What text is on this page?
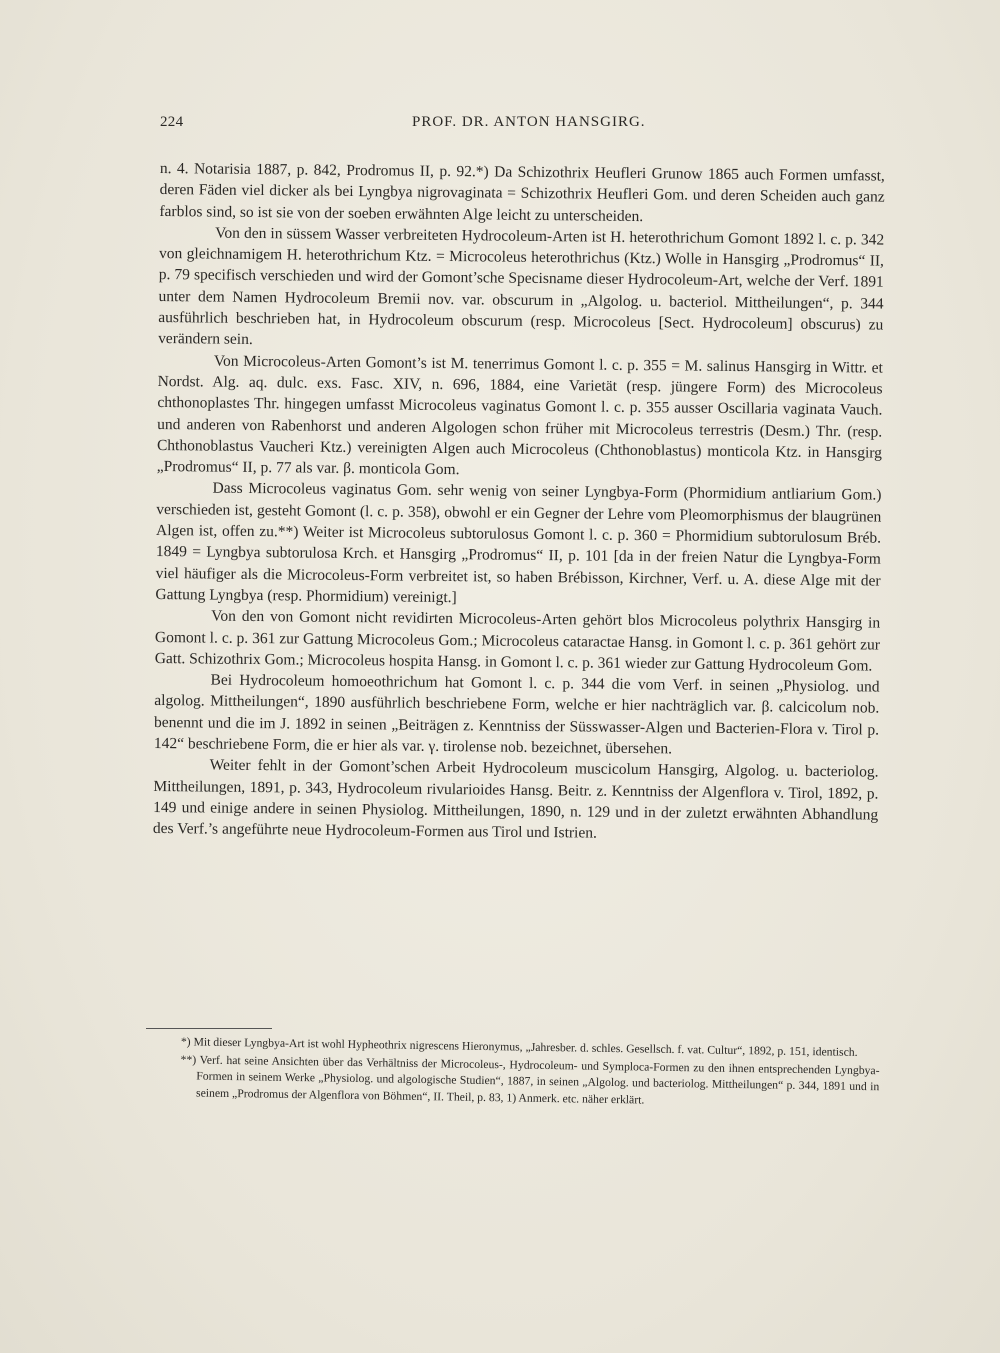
224	PROF. DR. ANTON HANSGIRG.

n. 4. Notarisia 1887, p. 842, Prodromus II, p. 92.*) Da Schizothrix Heufleri Grunow 1865 auch Formen umfasst, deren Fäden viel dicker als bei Lyngbya nigrovaginata = Schizothrix Heufleri Gom. und deren Scheiden auch ganz farblos sind, so ist sie von der soeben erwähnten Alge leicht zu unterscheiden.

Von den in süssem Wasser verbreiteten Hydrocoleum-Arten ist H. heterothrichum Gomont 1892 l. c. p. 342 von gleichnamigem H. heterothrichum Ktz. = Microcoleus heterothrichus (Ktz.) Wolle in Hansgirg „Prodromus“ II, p. 79 specifisch verschieden und wird der Gomont’sche Specisname dieser Hydrocoleum-Art, welche der Verf. 1891 unter dem Namen Hydrocoleum Bremii nov. var. obscurum in „Algolog. u. bacteriol. Mittheilungen“, p. 344 ausführlich beschrieben hat, in Hydrocoleum obscurum (resp. Microcoleus [Sect. Hydrocoleum] obscurus) zu verändern sein.

Von Microcoleus-Arten Gomont’s ist M. tenerrimus Gomont l. c. p. 355 = M. salinus Hansgirg in Wittr. et Nordst. Alg. aq. dulc. exs. Fasc. XIV, n. 696, 1884, eine Varietät (resp. jüngere Form) des Microcoleus chthonoplastes Thr. hingegen umfasst Microcoleus vaginatus Gomont l. c. p. 355 ausser Oscillaria vaginata Vauch. und anderen von Rabenhorst und anderen Algologen schon früher mit Microcoleus terrestris (Desm.) Thr. (resp. Chthonoblastus Vaucheri Ktz.) vereinigten Algen auch Microcoleus (Chthonoblastus) monticola Ktz. in Hansgirg „Prodromus“ II, p. 77 als var. β. monticola Gom.

Dass Microcoleus vaginatus Gom. sehr wenig von seiner Lyngbya-Form (Phormidium antliarium Gom.) verschieden ist, gesteht Gomont (l. c. p. 358), obwohl er ein Gegner der Lehre vom Pleomorphismus der blaugrünen Algen ist, offen zu.**) Weiter ist Microcoleus subtorulosus Gomont l. c. p. 360 = Phormidium subtorulosum Bréb. 1849 = Lyngbya subtorulosa Krch. et Hansgirg „Prodromus“ II, p. 101 [da in der freien Natur die Lyngbya-Form viel häufiger als die Microcoleus-Form verbreitet ist, so haben Brébisson, Kirchner, Verf. u. A. diese Alge mit der Gattung Lyngbya (resp. Phormidium) vereinigt.]

Von den von Gomont nicht revidirten Microcoleus-Arten gehört blos Microcoleus polythrix Hansgirg in Gomont l. c. p. 361 zur Gattung Microcoleus Gom.; Microcoleus cataractae Hansg. in Gomont l. c. p. 361 gehört zur Gatt. Schizothrix Gom.; Microcoleus hospita Hansg. in Gomont l. c. p. 361 wieder zur Gattung Hydrocoleum Gom.

Bei Hydrocoleum homoeothrichum hat Gomont l. c. p. 344 die vom Verf. in seinen „Physiolog. und algolog. Mittheilungen“, 1890 ausführlich beschriebene Form, welche er hier nachträglich var. β. calcicolum nob. benennt und die im J. 1892 in seinen „Beiträgen z. Kenntniss der Süsswasser-Algen und Bacterien-Flora v. Tirol p. 142“ beschriebene Form, die er hier als var. γ. tirolense nob. bezeichnet, übersehen.

Weiter fehlt in der Gomont’schen Arbeit Hydrocoleum muscicolum Hansgirg, Algolog. u. bacteriolog. Mittheilungen, 1891, p. 343, Hydrocoleum rivularioides Hansg. Beitr. z. Kenntniss der Algenflora v. Tirol, 1892, p. 149 und einige andere in seinen Physiolog. Mittheilungen, 1890, n. 129 und in der zuletzt erwähnten Abhandlung des Verf.’s angeführte neue Hydrocoleum-Formen aus Tirol und Istrien.

*) Mit dieser Lyngbya-Art ist wohl Hypheothrix nigrescens Hieronymus, „Jahresber. d. schles. Gesellsch. f. vat. Cultur“, 1892, p. 151, identisch.

**) Verf. hat seine Ansichten über das Verhältniss der Microcoleus-, Hydrocoleum- und Symploca-Formen zu den ihnen entsprechenden Lyngbya-Formen in seinem Werke „Physiolog. und algologische Studien“, 1887, in seinen „Algolog. und bacteriolog. Mittheilungen“ p. 344, 1891 und in seinem „Prodromus der Algenflora von Böhmen“, II. Theil, p. 83, 1) Anmerk. etc. näher erklärt.
